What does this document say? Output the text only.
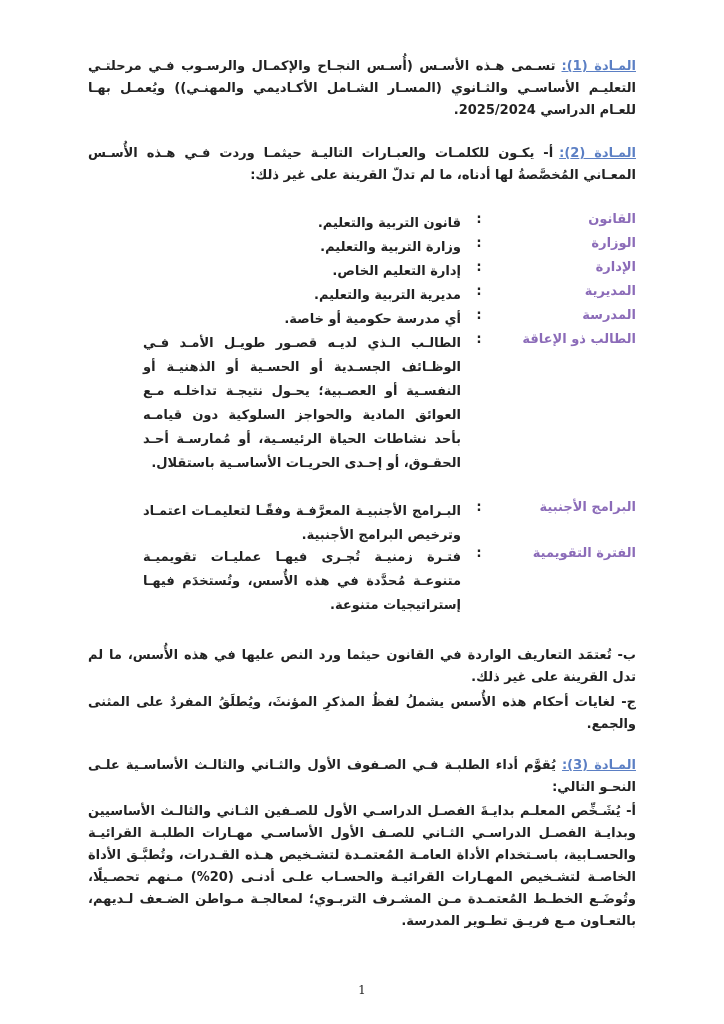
المـادة (1):تسـمى هـذه الأسـس (أُسـس النجـاح والإكمـال والرسـوب فـي مرحلتـي التعليـم الأساسـي والثـانوي (المسـار الشـامل الأكـاديمي والمهنـي)) ويُعمـل بهـا للعـام الدراسي 2025/2024.
المـادة (2):أ- يكـون للكلمـات والعبـارات التاليـة حيثمـا وردت فـي هـذه الأُسـس المعـاني المُخصَّصةُ لها أدناه، ما لم تدلّ القرينة على غير ذلك:
القانون
:
قانون التربية والتعليم.
الوزارة
:
وزارة التربية والتعليم.
الإدارة
:
إدارة التعليم الخاص.
المديرية
:
مديرية التربية والتعليم.
المدرسة
:
أي مدرسة حكومية أو خاصة.
الطالب ذو الإعاقة
:
الطالـب الـذي لديـه قصـور طويـل الأمـد فـي الوظـائف الجسـدية أو الحسـية أو الذهنيـة أو النفسـية أو العصـبية؛ يحـول نتيجـة تداخلـه مـع العوائق المادية والحواجز السلوكية دون قيامـه بأحد نشاطات الحياة الرئيسـية، أو مُمارسـة أحـد الحقـوق، أو إحـدى الحريـات الأساسـية باستقلال.
البرامج الأجنبية
:
البـرامج الأجنبيـة المعرَّفـة وفقًـا لتعليمـات اعتمـاد وترخيص البرامج الأجنبية.
الفترة التقويمية
:
فتـرة زمنيـة تُجـرى فيهـا عمليـات تقويميـة متنوعـة مُحدَّدة في هذه الأُسس، وتُستخدَم فيهـا إستراتيجيات متنوعة.
ب- تُعتمَد التعاريف الواردة في القانون حيثما ورد النص عليها في هذه الأُسس، ما لم تدل القرينة على غير ذلك.
ج- لغايات أحكام هذه الأُسس يشملُ لفظُ المذكرِ المؤنثَ، ويُطلَقُ المفردُ على المثنى والجمع.
المـادة (3):يُقوَّم أداء الطلبـة فـي الصـفوف الأول والثـاني والثالـث الأساسـية علـى النحـو التالي:
أ- يُشَـخِّص المعلـم بدايـةَ الفصـل الدراسـي الأول للصـفين الثـاني والثالـث الأساسيين وبدايـة الفصـل الدراسـي الثـاني للصـف الأول الأساسـي مهـارات الطلبـة القرائيـة والحسـابية، باسـتخدام الأداة العامـة المُعتمـدة لتشـخيص هـذه القـدرات، وتُطبَّـق الأداة الخاصـة لتشـخيص المهـارات القرائيـة والحسـاب علـى أدنـى (20%) مـنهم تحصـيلًا، وتُوضَـع الخطـط المُعتمـدة مـن المشـرف التربـوي؛ لمعالجـة مـواطن الضـعف لـديهم، بالتعـاون مـع فريـق تطـوير المدرسة.
1
